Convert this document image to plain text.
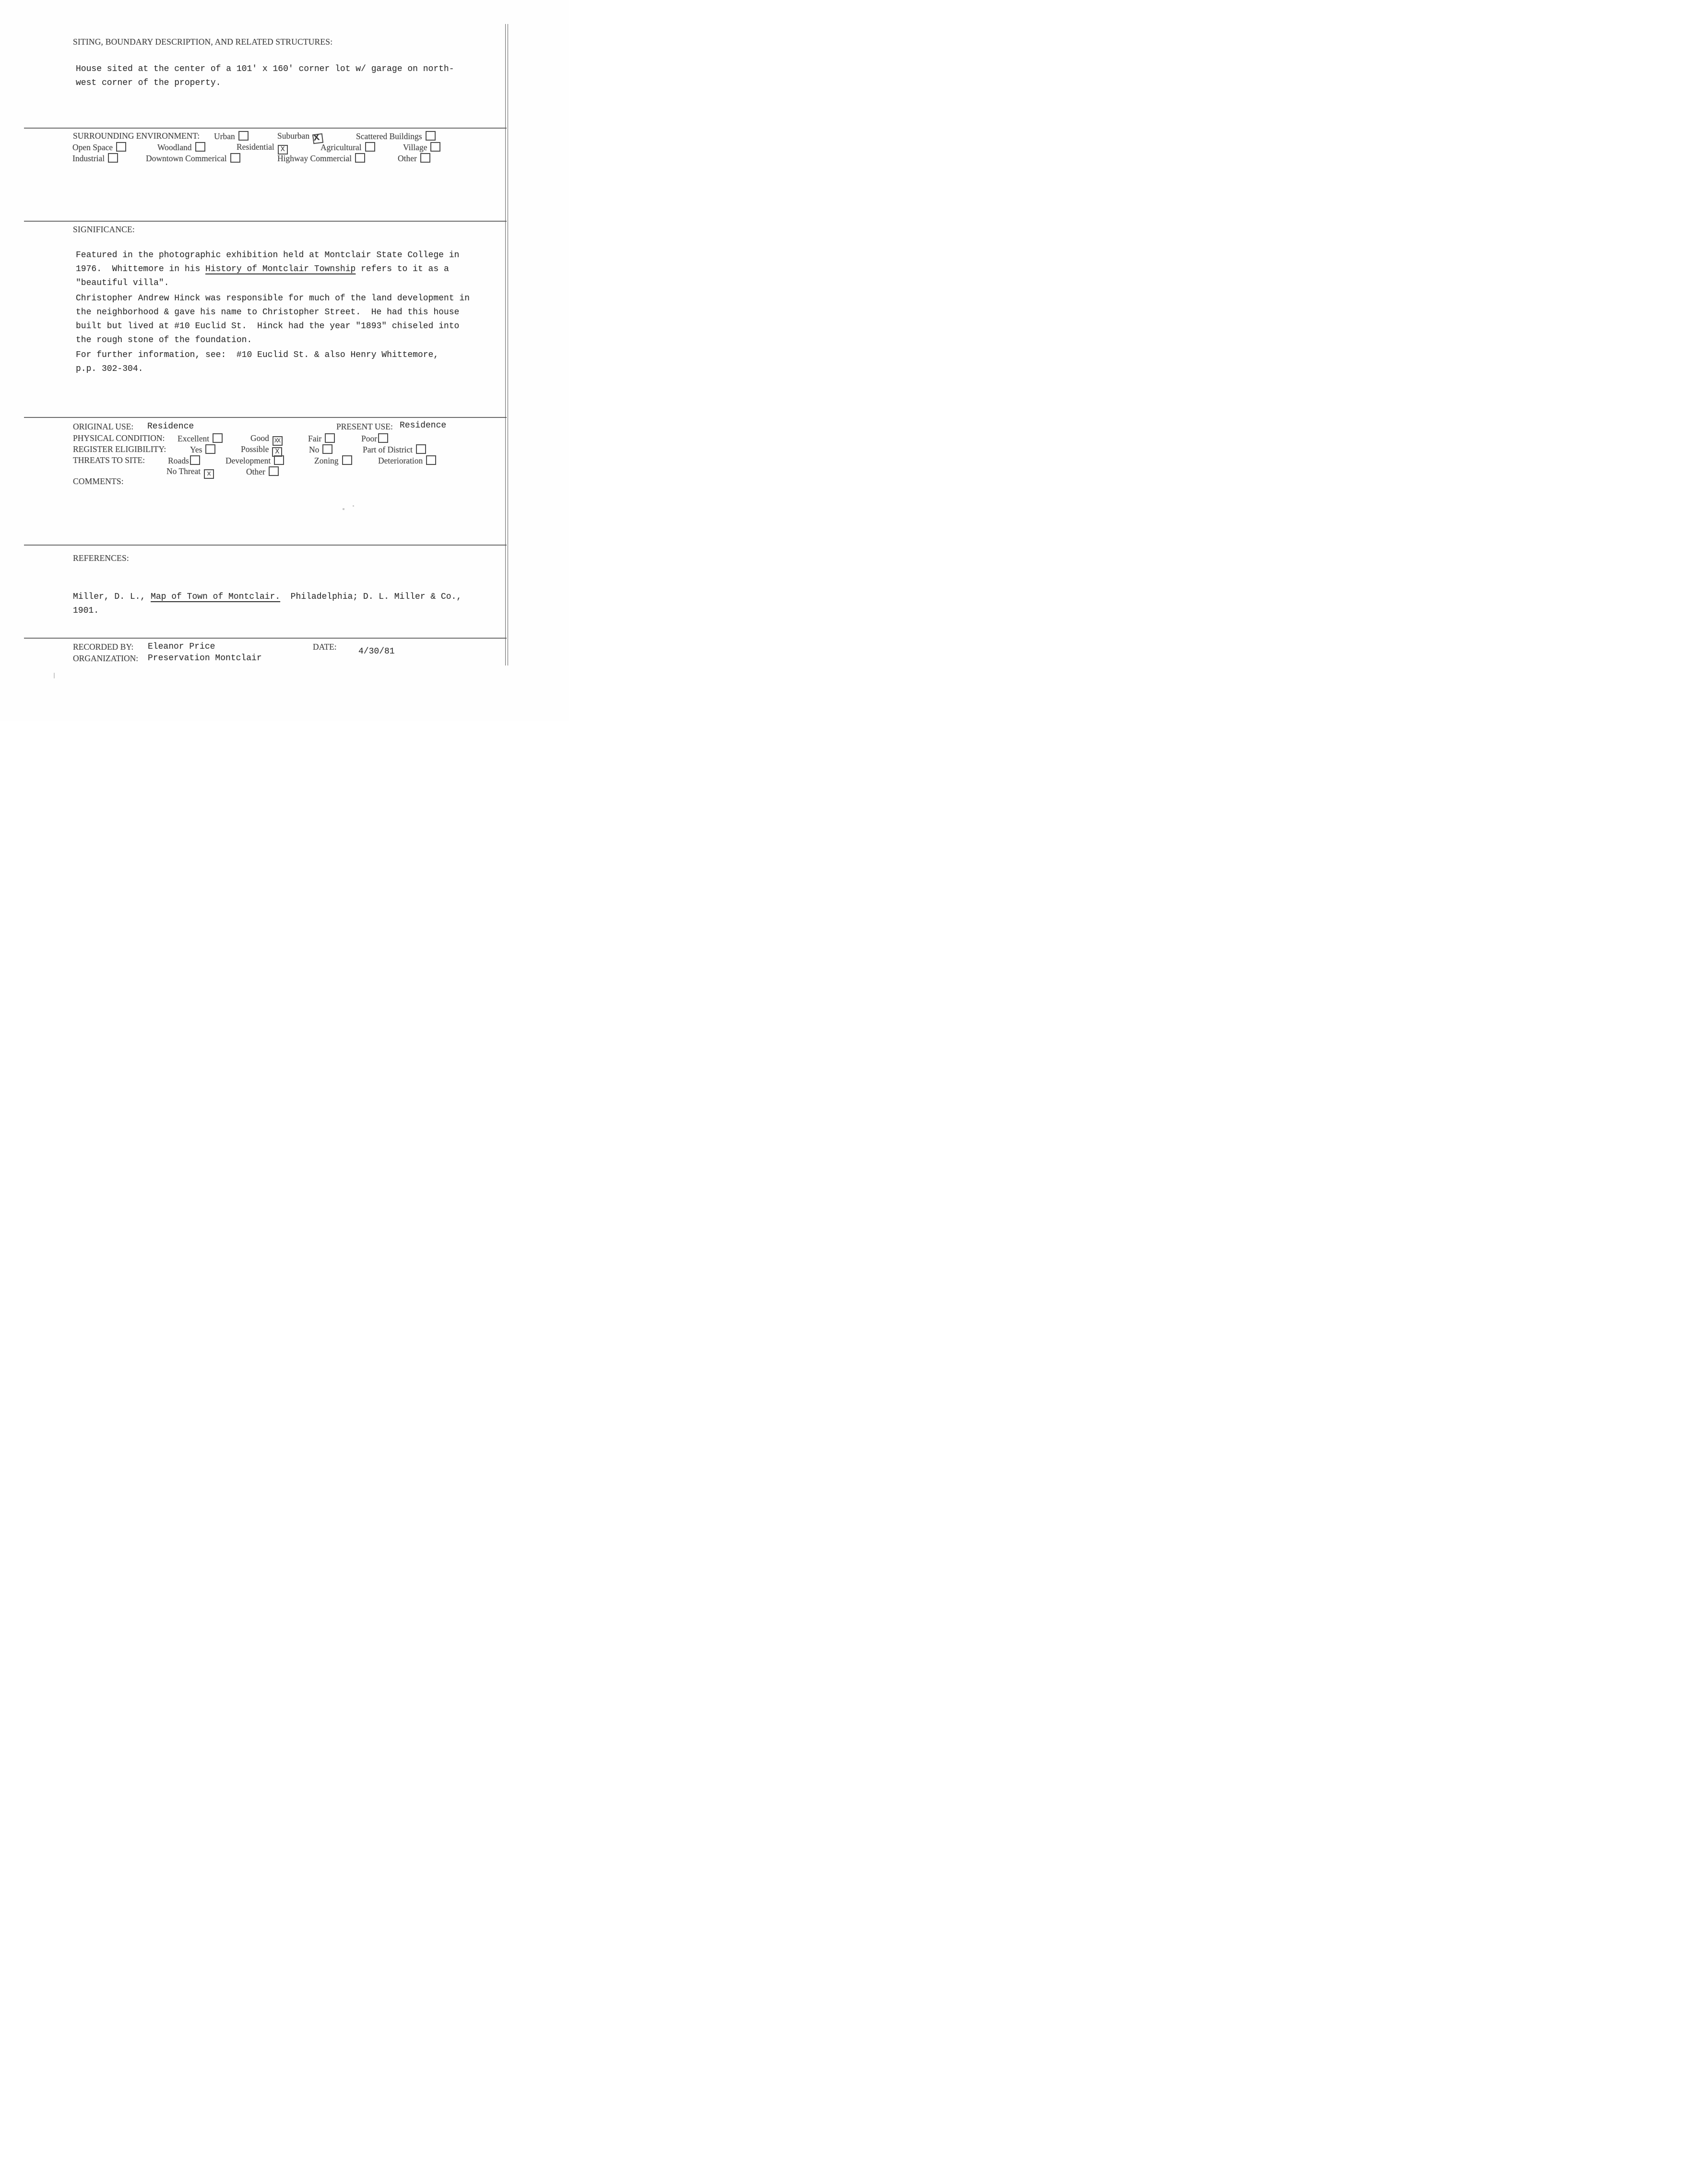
SITING, BOUNDARY DESCRIPTION, AND RELATED STRUCTURES:
House sited at the center of a 101' x 160' corner lot w/ garage on north-
west corner of the property.
SURROUNDING ENVIRONMENT: Urban	Suburban x	Scattered Buildings
Open Space	Woodland	Residential X	Agricultural	Village
Industrial	Downtown Commerical	Highway Commercial	Other
SIGNIFICANCE:
Featured in the photographic exhibition held at Montclair State College in
1976.  Whittemore in his History of Montclair Township refers to it as a
"beautiful villa".
Christopher Andrew Hinck was responsible for much of the land development in
the neighborhood & gave his name to Christopher Street.  He had this house
built but lived at #10 Euclid St.  Hinck had the year "1893" chiseled into
the rough stone of the foundation.
For further information, see:  #10 Euclid St. & also Henry Whittemore,
p.p. 302-304.
ORIGINAL USE: Residence	PRESENT USE: Residence
PHYSICAL CONDITION: Excellent	Good XX	Fair	Poor
REGISTER ELIGIBILITY:	Yes	Possible X	No	Part of District
THREATS TO SITE:	Roads	Development	Zoning	Deterioration
No Threat x	Other
COMMENTS:
REFERENCES:
Miller, D. L., Map of Town of Montclair.  Philadelphia; D. L. Miller & Co.,
1901.
RECORDED BY: Eleanor Price	DATE:	4/30/81
ORGANIZATION: Preservation Montclair
